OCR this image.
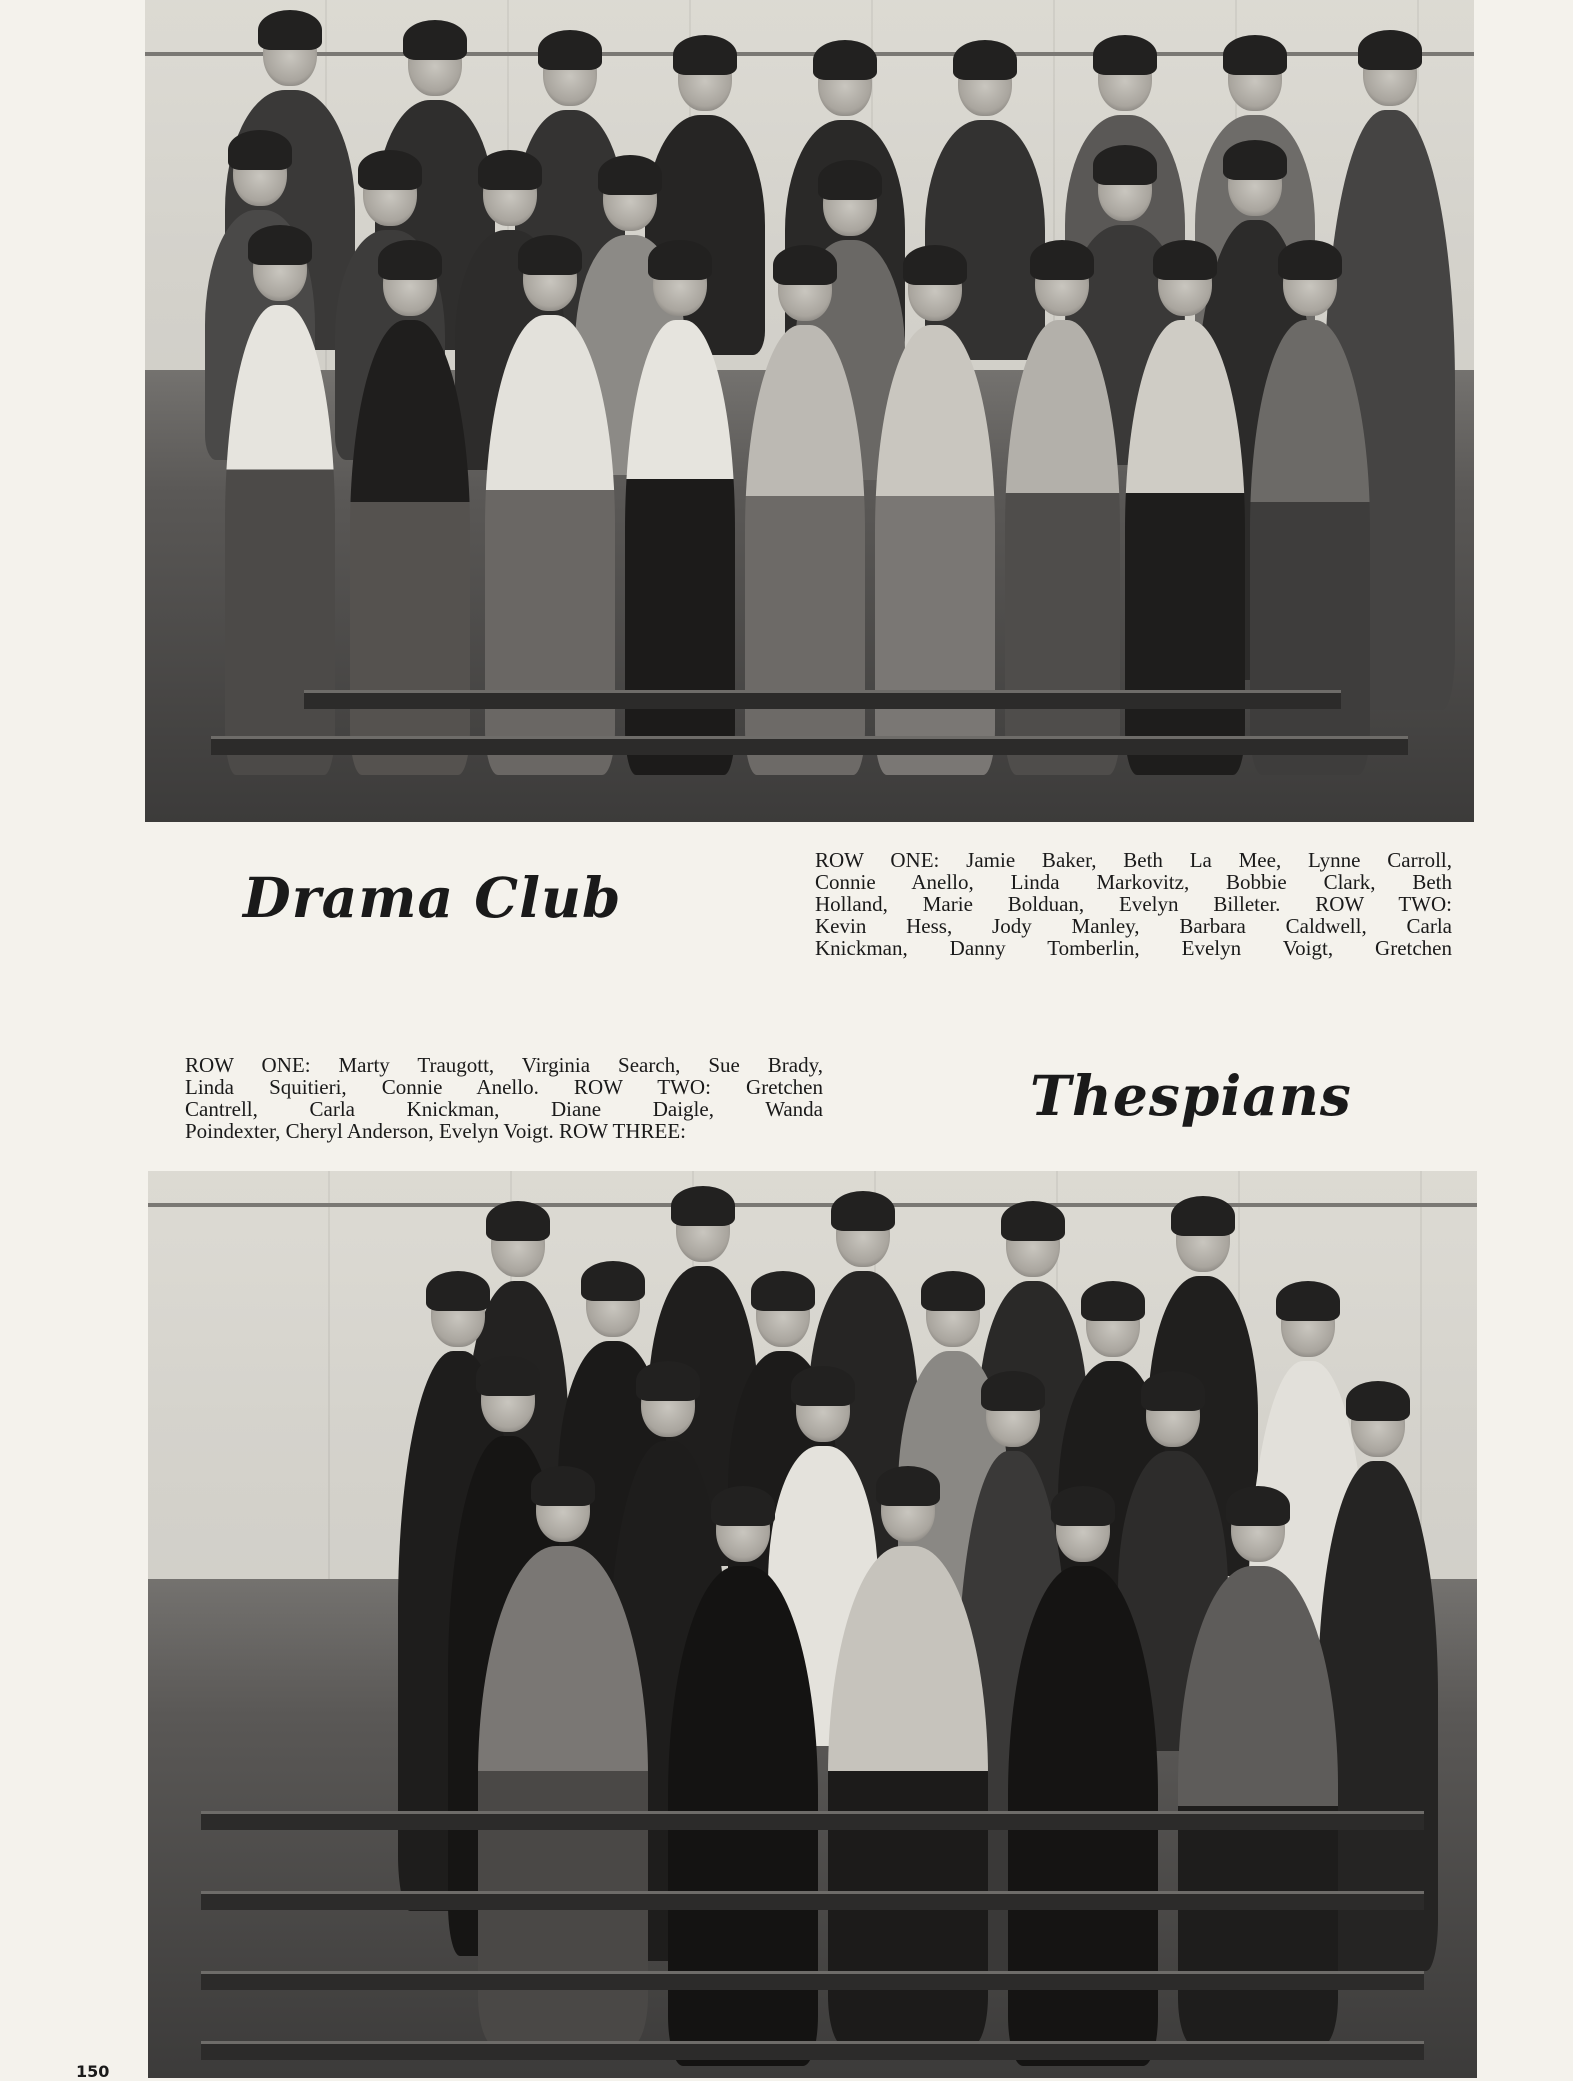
Drama Club
ROW ONE: Jamie Baker, Beth La Mee, Lynne Carroll,
Connie Anello, Linda Markovitz, Bobbie Clark, Beth
Holland, Marie Bolduan, Evelyn Billeter. ROW TWO:
Kevin Hess, Jody Manley, Barbara Caldwell, Carla
Knickman, Danny Tomberlin, Evelyn Voigt, Gretchen
ROW ONE: Marty Traugott, Virginia Search, Sue Brady,
Linda Squitieri, Connie Anello. ROW TWO: Gretchen
Cantrell, Carla Knickman, Diane Daigle, Wanda
Poindexter, Cheryl Anderson, Evelyn Voigt. ROW THREE:
Thespians
150
